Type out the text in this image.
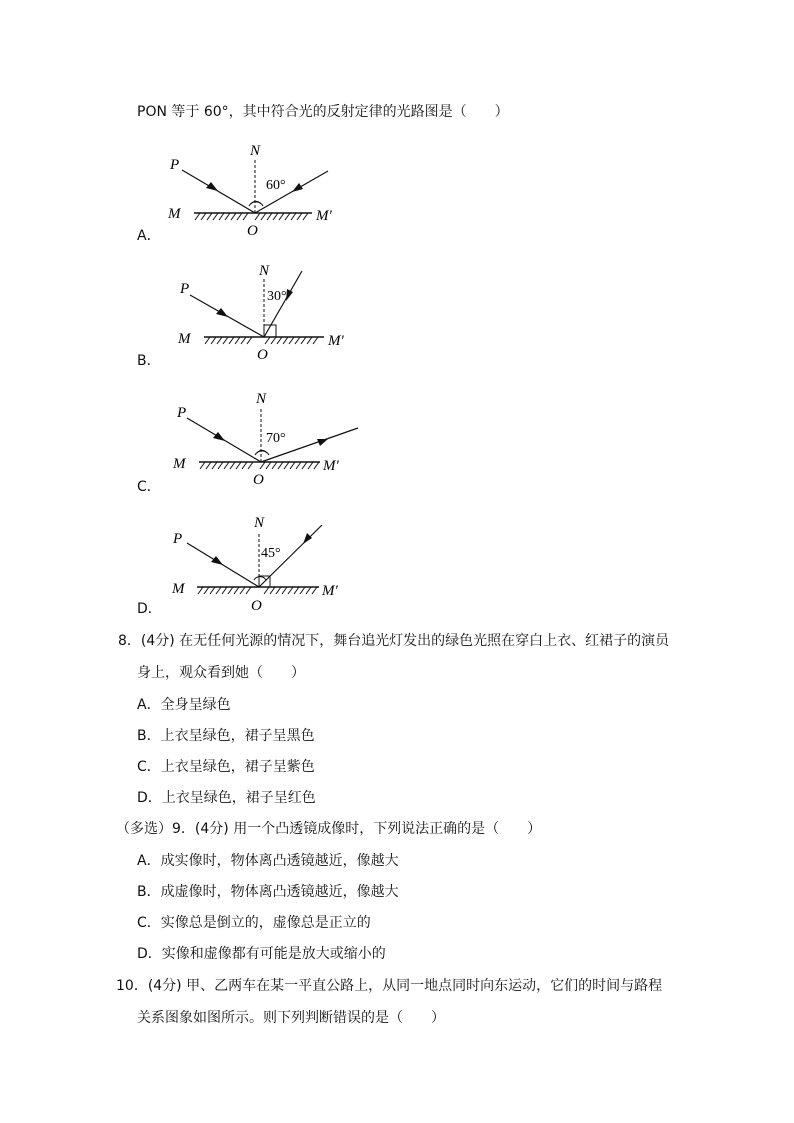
PON 等于 60°，其中符合光的反射定律的光路图是（　　）
P
N
M	M′
O
60°
A．
P
N
M	M′
O
30°
B．
P
N
M	M′
O
70°
C．
P
N
M	M′
O
45°
D．
8．(4分) 在无任何光源的情况下，舞台追光灯发出的绿色光照在穿白上衣、红裙子的演员
身上，观众看到她（　　）
A．全身呈绿色
B．上衣呈绿色，裙子呈黑色
C．上衣呈绿色，裙子呈紫色
D．上衣呈绿色，裙子呈红色
（多选）9．(4分) 用一个凸透镜成像时，下列说法正确的是（　　）
A．成实像时，物体离凸透镜越近，像越大
B．成虚像时，物体离凸透镜越近，像越大
C．实像总是倒立的，虚像总是正立的
D．实像和虚像都有可能是放大或缩小的
10．(4分) 甲、乙两车在某一平直公路上，从同一地点同时向东运动，它们的时间与路程
关系图象如图所示。则下列判断错误的是（　　）
